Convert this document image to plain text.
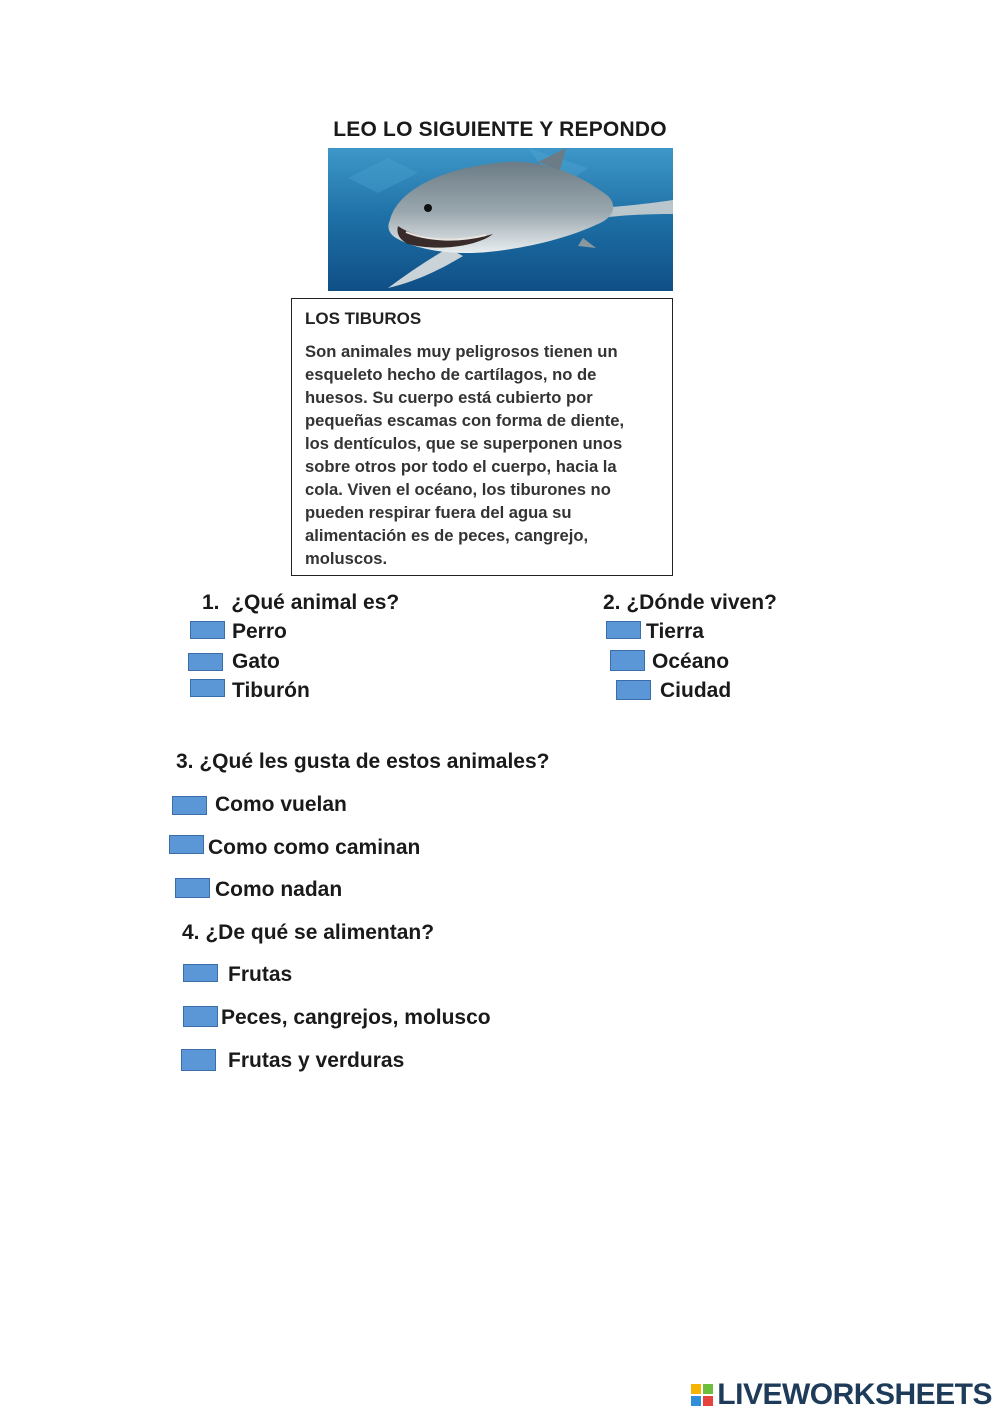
LEO LO SIGUIENTE Y REPONDO
LOS TIBUROS
Son animales muy peligrosos tienen un
esqueleto hecho de cartílagos, no de
huesos. Su cuerpo está cubierto por
pequeñas escamas con forma de diente,
los dentículos, que se superponen unos
sobre otros por todo el cuerpo, hacia la
cola. Viven el océano, los tiburones no
pueden respirar fuera del agua su
alimentación es de peces, cangrejo,
moluscos.
1. ¿Qué animal es?
Perro
Gato
Tiburón
2. ¿Dónde viven?
Tierra
Océano
Ciudad
3. ¿Qué les gusta de estos animales?
Como vuelan
Como como caminan
Como nadan
4. ¿De qué se alimentan?
Frutas
Peces, cangrejos, molusco
Frutas y verduras
LIVEWORKSHEETS
